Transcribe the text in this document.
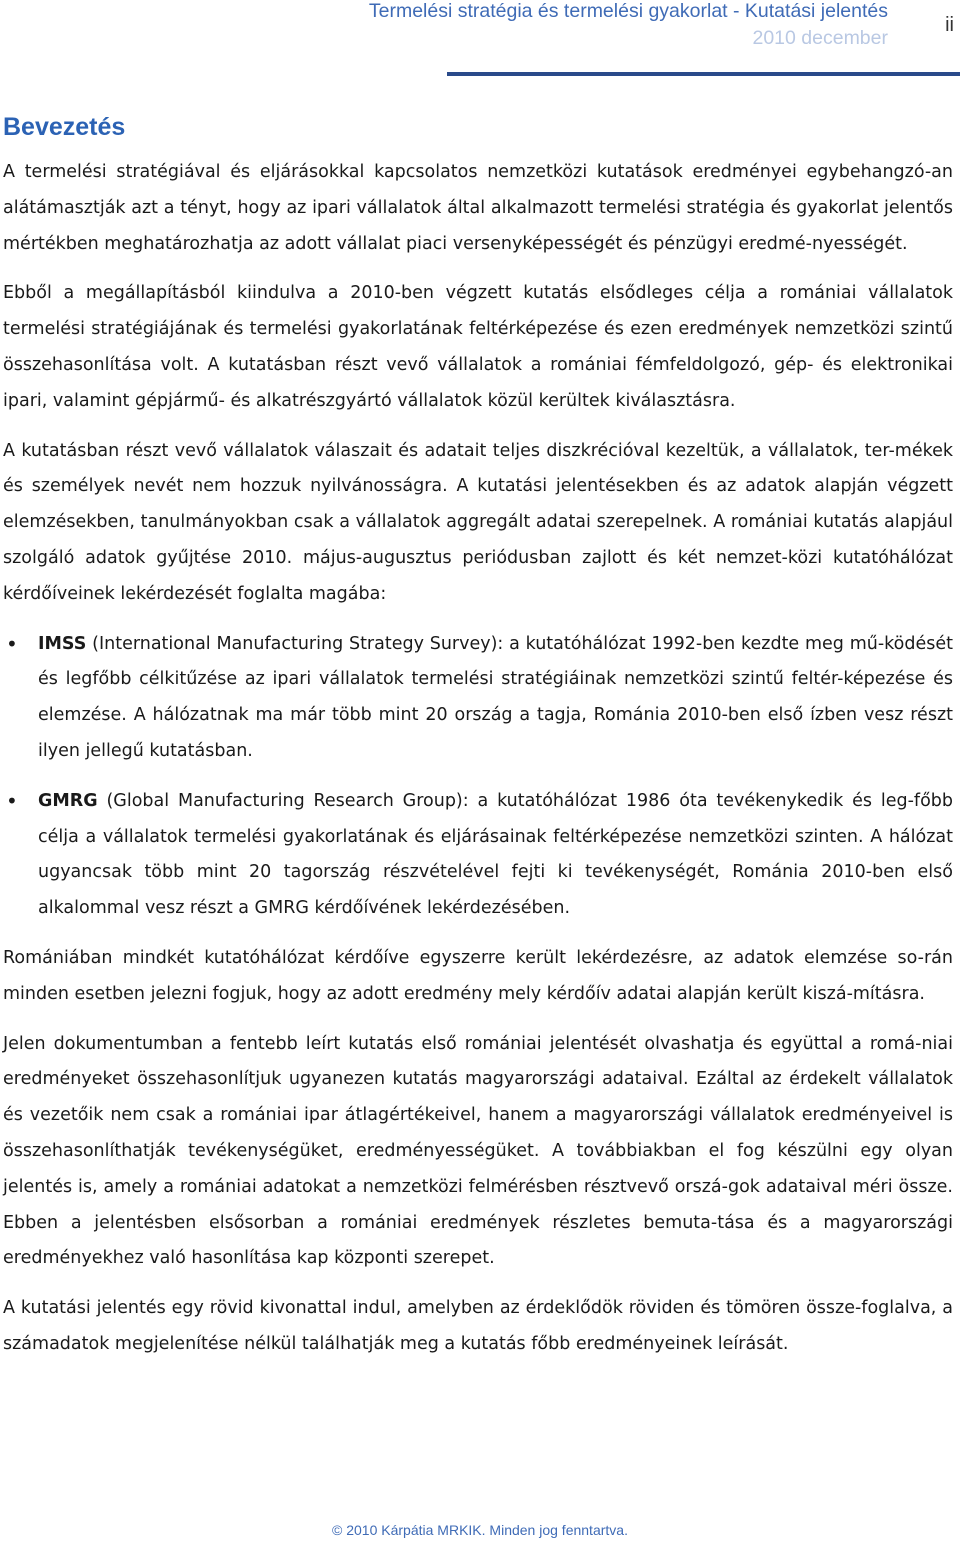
Termelési stratégia és termelési gyakorlat - Kutatási jelentés
2010 december
ii
Bevezetés

A termelési stratégiával és eljárásokkal kapcsolatos nemzetközi kutatások eredményei egybehangzó-an alátámasztják azt a tényt, hogy az ipari vállalatok által alkalmazott termelési stratégia és gyakorlat jelentős mértékben meghatározhatja az adott vállalat piaci versenyképességét és pénzügyi eredmé-nyességét.

Ebből a megállapításból kiindulva a 2010-ben végzett kutatás elsődleges célja a romániai vállalatok termelési stratégiájának és termelési gyakorlatának feltérképezése és ezen eredmények nemzetközi szintű összehasonlítása volt. A kutatásban részt vevő vállalatok a romániai fémfeldolgozó, gép- és elektronikai ipari, valamint gépjármű- és alkatrészgyártó vállalatok közül kerültek kiválasztásra.

A kutatásban részt vevő vállalatok válaszait és adatait teljes diszkrécióval kezeltük, a vállalatok, ter-mékek és személyek nevét nem hozzuk nyilvánosságra. A kutatási jelentésekben és az adatok alapján végzett elemzésekben, tanulmányokban csak a vállalatok aggregált adatai szerepelnek. A romániai kutatás alapjául szolgáló adatok gyűjtése 2010. május-augusztus periódusban zajlott és két nemzet-közi kutatóhálózat kérdőíveinek lekérdezését foglalta magába:

• IMSS (International Manufacturing Strategy Survey): a kutatóhálózat 1992-ben kezdte meg mű-ködését és legfőbb célkitűzése az ipari vállalatok termelési stratégiáinak nemzetközi szintű feltér-képezése és elemzése. A hálózatnak ma már több mint 20 ország a tagja, Románia 2010-ben első ízben vesz részt ilyen jellegű kutatásban.
• GMRG (Global Manufacturing Research Group): a kutatóhálózat 1986 óta tevékenykedik és leg-főbb célja a vállalatok termelési gyakorlatának és eljárásainak feltérképezése nemzetközi szinten. A hálózat ugyancsak több mint 20 tagország részvételével fejti ki tevékenységét, Románia 2010-ben első alkalommal vesz részt a GMRG kérdőívének lekérdezésében.

Romániában mindkét kutatóhálózat kérdőíve egyszerre került lekérdezésre, az adatok elemzése so-rán minden esetben jelezni fogjuk, hogy az adott eredmény mely kérdőív adatai alapján került kiszá-mításra.

Jelen dokumentumban a fentebb leírt kutatás első romániai jelentését olvashatja és együttal a romá-niai eredményeket összehasonlítjuk ugyanezen kutatás magyarországi adataival. Ezáltal az érdekelt vállalatok és vezetőik nem csak a romániai ipar átlagértékeivel, hanem a magyarországi vállalatok eredményeivel is összehasonlíthatják tevékenységüket, eredményességüket. A továbbiakban el fog készülni egy olyan jelentés is, amely a romániai adatokat a nemzetközi felmérésben résztvevő orszá-gok adataival méri össze. Ebben a jelentésben elsősorban a romániai eredmények részletes bemuta-tása és a magyarországi eredményekhez való hasonlítása kap központi szerepet.

A kutatási jelentés egy rövid kivonattal indul, amelyben az érdeklődök röviden és tömören össze-foglalva, a számadatok megjelenítése nélkül találhatják meg a kutatás főbb eredményeinek leírását.

© 2010 Kárpátia MRKIK. Minden jog fenntartva.
